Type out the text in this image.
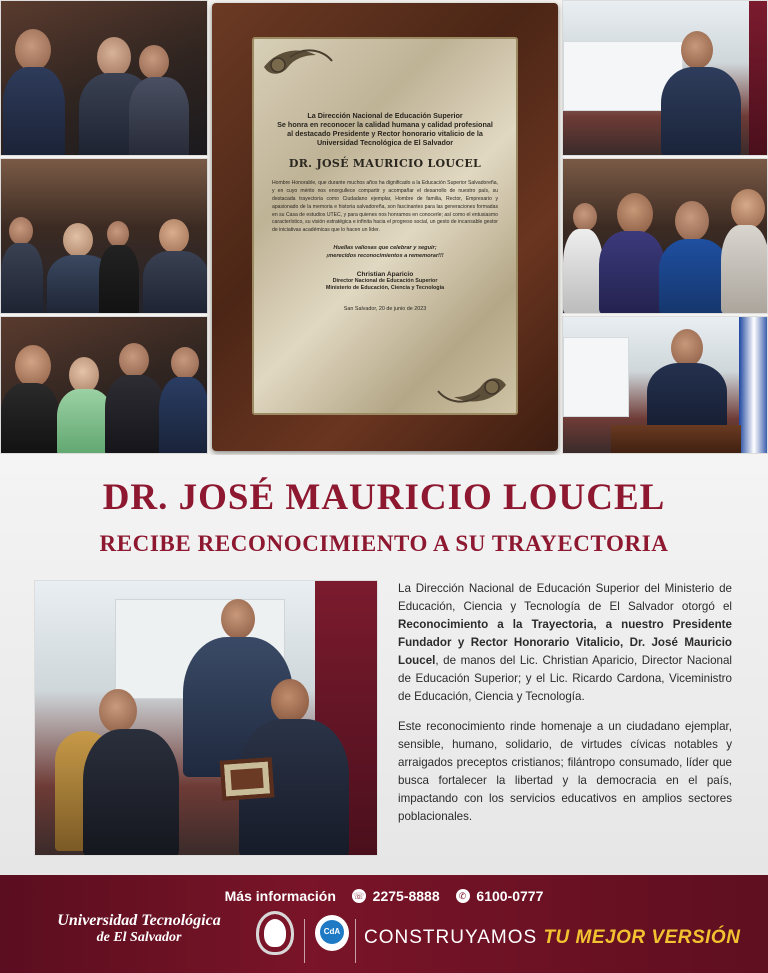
La Dirección Nacional de Educación Superior
Se honra en reconocer la calidad humana y calidad profesional
al destacado Presidente y Rector honorario vitalicio de la
Universidad Tecnológica de El Salvador
DR. JOSÉ MAURICIO LOUCEL
Hombre Honorable, que durante muchos años ha dignificado a la Educación Superior Salvadoreña, y en cuyo mérito nos enorgullece compartir y acompañar el desarrollo de nuestro país, su destacada trayectoria como Ciudadano ejemplar, Hombre de familia, Rector, Empresario y apasionado de la memoria e historia salvadoreña, son fascinantes para las generaciones formadas en su Casa de estudios UTEC, y para quienes nos honramos en conocerle; así como el entusiasmo característico, su visión estratégica e infinita hacia el progreso social, un gesto de incansable gestor de iniciativas académicas que lo hacen un líder.
Huellas valiosas que celebrar y seguir;
¡merecidos reconocimientos a rememorar!!!
Christian Aparicio
Director Nacional de Educación Superior
Ministerio de Educación, Ciencia y Tecnología
San Salvador, 20 de junio de 2023
DR. JOSÉ MAURICIO LOUCEL
RECIBE RECONOCIMIENTO A SU TRAYECTORIA

La Dirección Nacional de Educación Superior del Ministerio de Educación, Ciencia y Tecnología de El Salvador otorgó el Reconocimiento a la Trayectoria, a nuestro Presidente Fundador y Rector Honorario Vitalicio, Dr. José Mauricio Loucel, de manos del Lic. Christian Aparicio, Director Nacional de Educación Superior; y el Lic. Ricardo Cardona, Viceministro de Educación, Ciencia y Tecnología.

Este reconocimiento rinde homenaje a un ciudadano ejemplar, sensible, humano, solidario, de virtudes cívicas notables y arraigados preceptos cristianos; filántropo consumado, líder que busca fortalecer la libertad y la democracia en el país, impactando con los servicios educativos en amplios sectores poblacionales.

Más información ☏ 2275-8888 ✆ 6100-0777
Universidad Tecnológica
de El Salvador	CdA CONSTRUYAMOS TU MEJOR VERSIÓN
